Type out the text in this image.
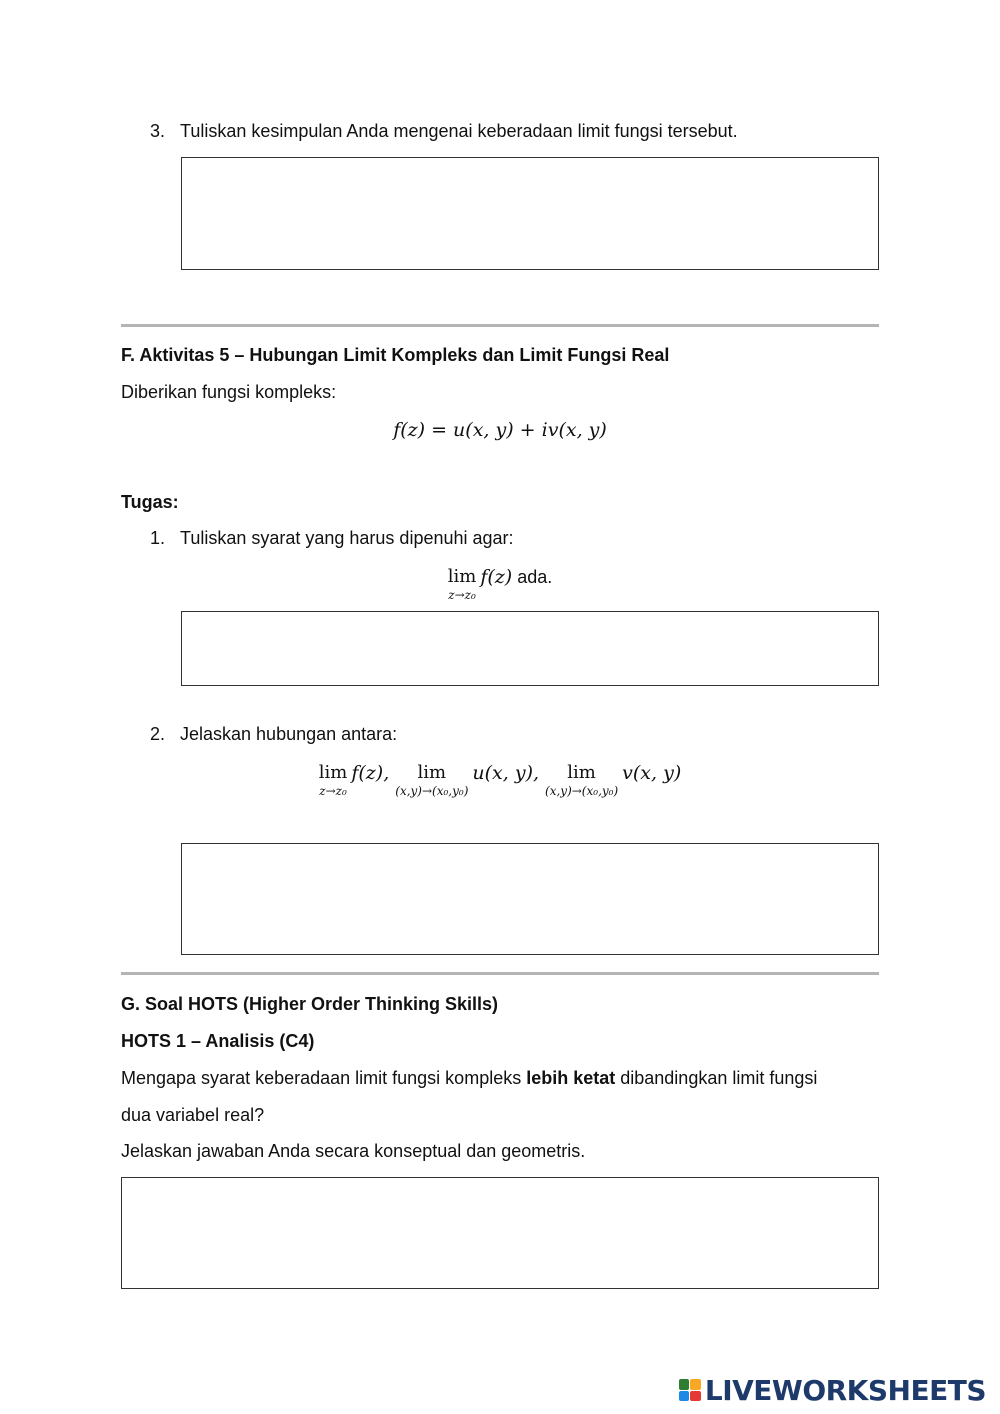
3. Tuliskan kesimpulan Anda mengenai keberadaan limit fungsi tersebut.
F. Aktivitas 5 – Hubungan Limit Kompleks dan Limit Fungsi Real
Diberikan fungsi kompleks:
f(z) = u(x, y) + iv(x, y)
Tugas:
1. Tuliskan syarat yang harus dipenuhi agar:
lim
z→z₀
f(z) ada.
2. Jelaskan hubungan antara:
lim
z→z₀
f(z),	lim
(x,y)→(x₀,y₀)
u(x, y),	lim
(x,y)→(x₀,y₀)
v(x, y)
G. Soal HOTS (Higher Order Thinking Skills)
HOTS 1 – Analisis (C4)
Mengapa syarat keberadaan limit fungsi kompleks lebih ketat dibandingkan limit fungsi
dua variabel real?
Jelaskan jawaban Anda secara konseptual dan geometris.
LIVEWORKSHEETS
